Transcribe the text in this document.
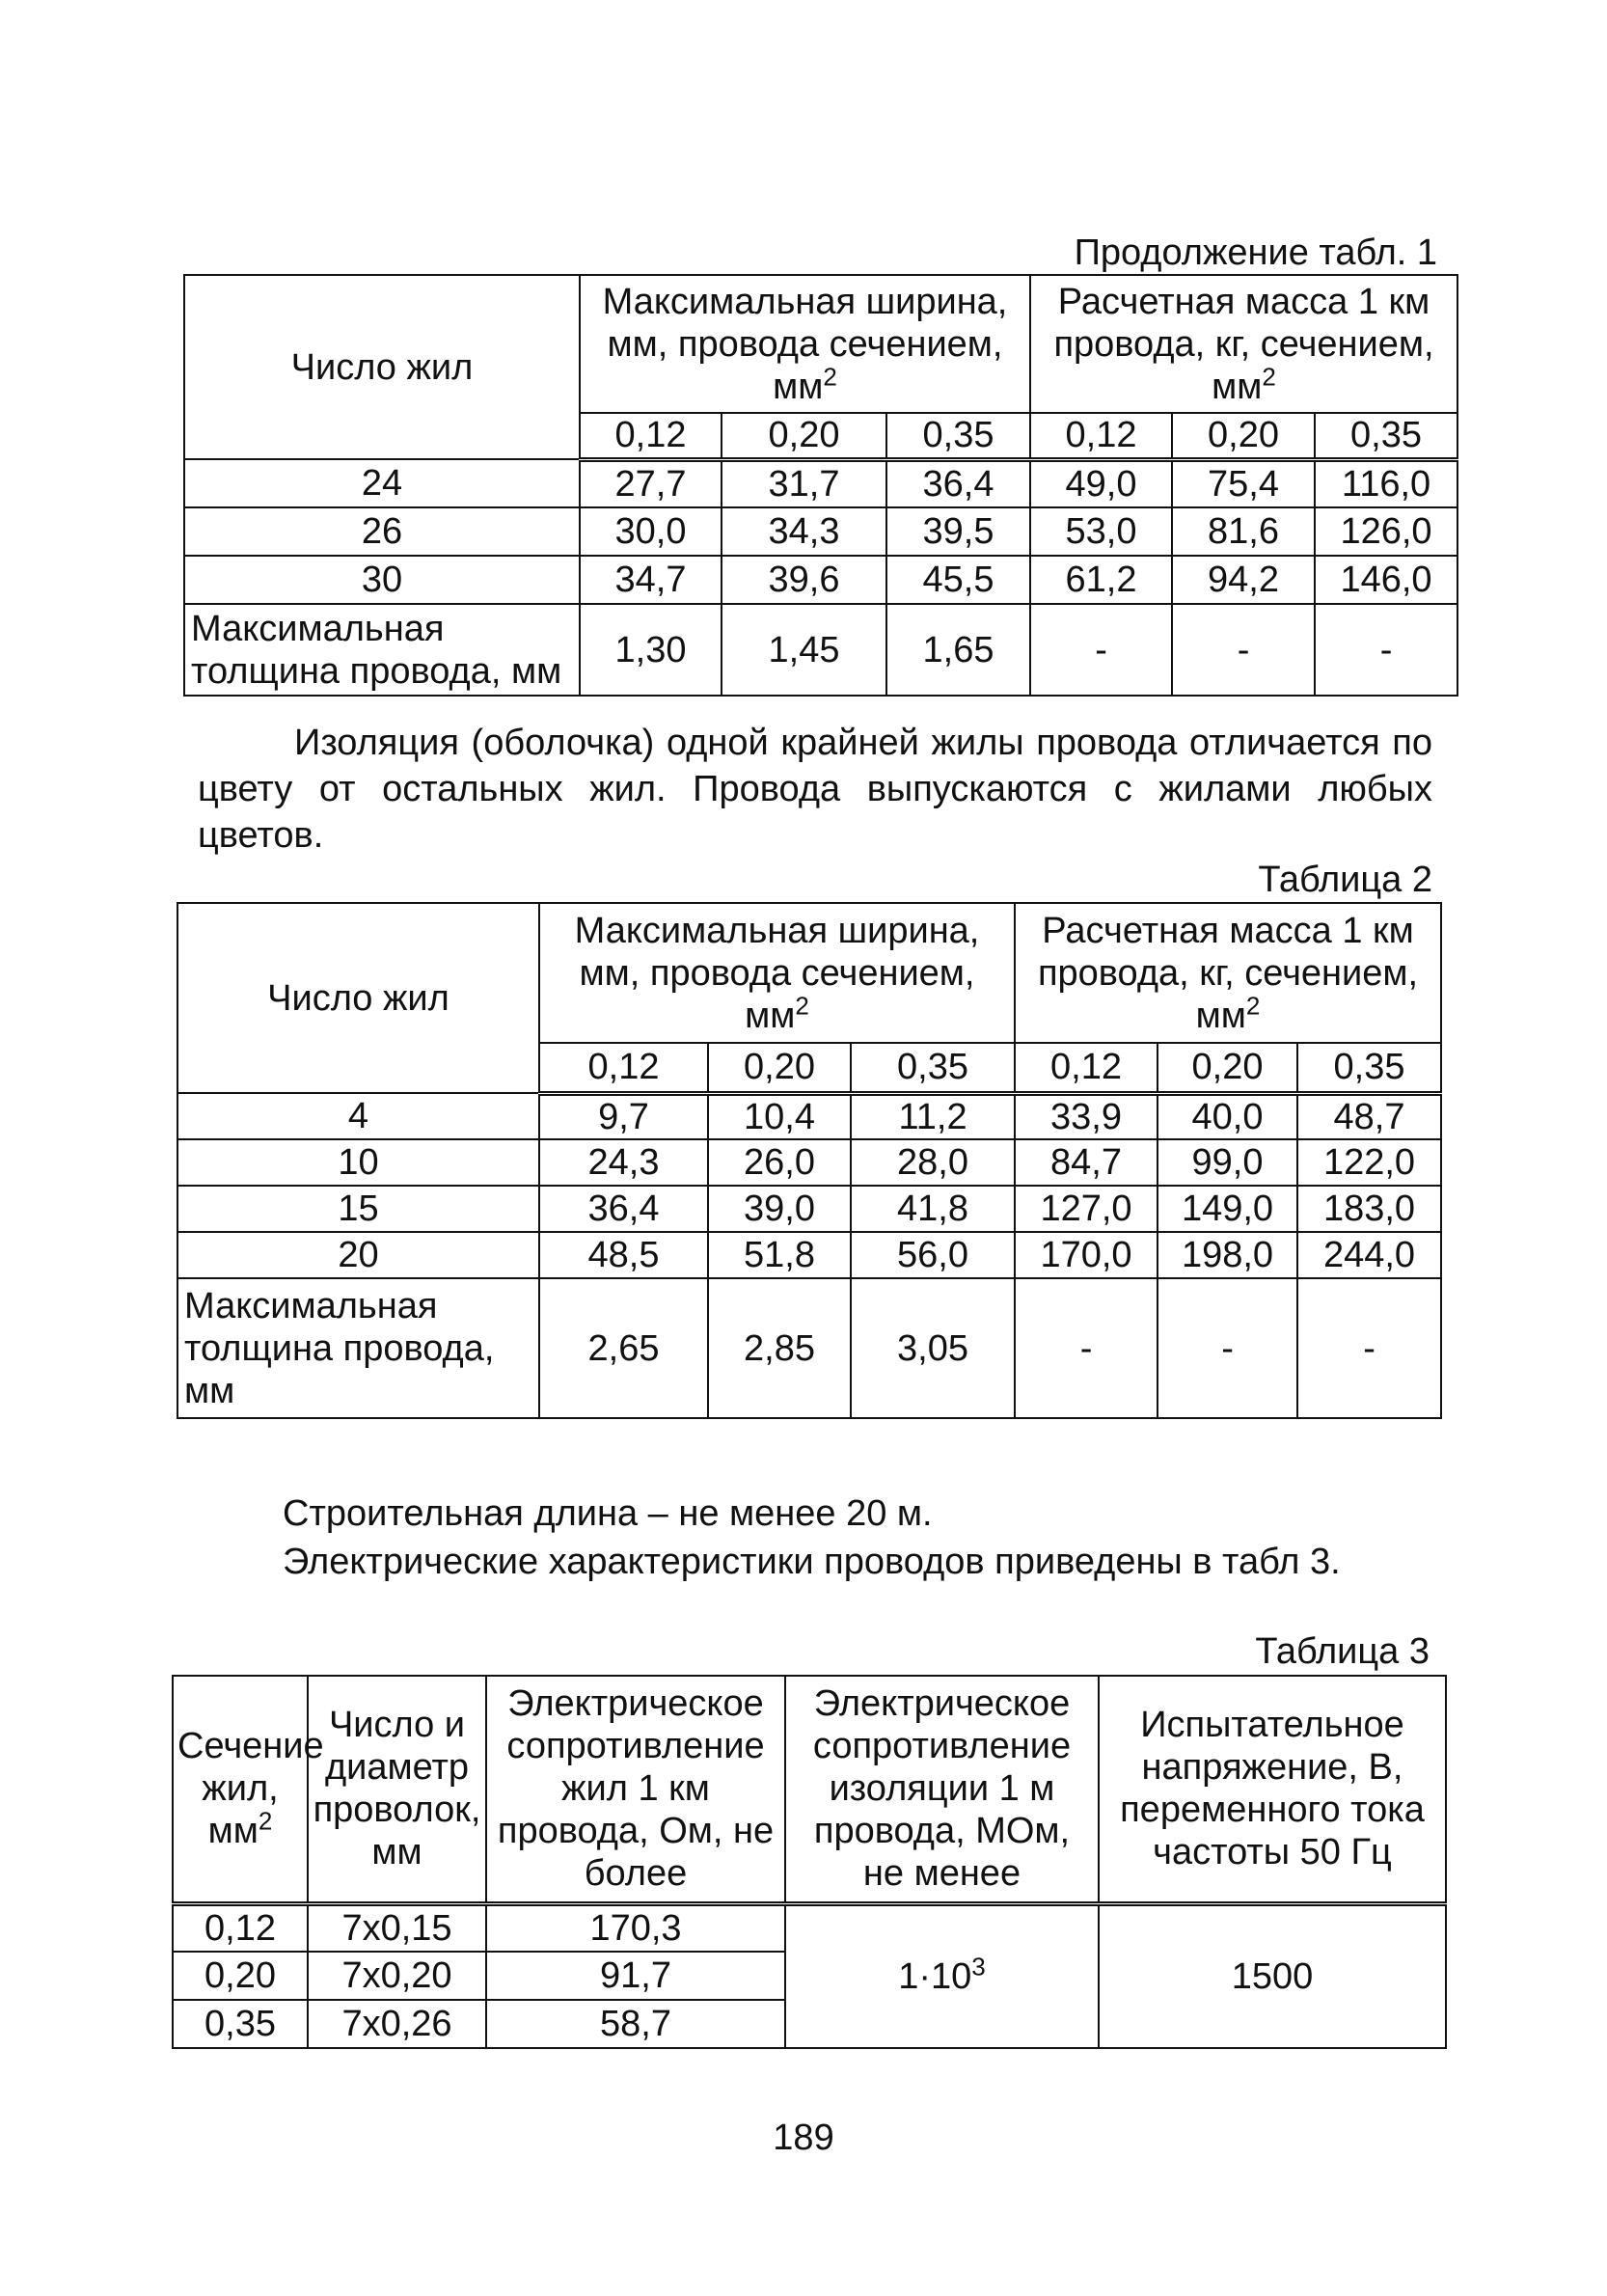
Продолжение табл. 1
Число жил	Максимальная ширина, мм, провода сечением, $мм^2$			Расчетная масса 1 км провода, кг, сечением, $мм^2$
	0,12	0,20	0,35	0,12	0,20	0,35
24	27,7	31,7	36,4	49,0	75,4	116,0
26	30,0	34,3	39,5	53,0	81,6	126,0
30	34,7	39,6	45,5	61,2	94,2	146,0
Максимальная толщина провода, мм	1,30	1,45	1,65	-	-	-
Изоляция (оболочка) одной крайней жилы провода отличается по цвету от остальных жил. Провода выпускаются с жилами любых цветов.
Таблица 2
Число жил	Максимальная ширина, мм, провода сечением, $мм^2$			Расчетная масса 1 км провода, кг, сечением, $мм^2$
	0,12	0,20	0,35	0,12	0,20	0,35
4	9,7	10,4	11,2	33,9	40,0	48,7
10	24,3	26,0	28,0	84,7	99,0	122,0
15	36,4	39,0	41,8	127,0	149,0	183,0
20	48,5	51,8	56,0	170,0	198,0	244,0
Максимальная толщина провода, мм	2,65	2,85	3,05	-	-	-
Строительная длина – не менее 20 м.
Электрические характеристики проводов приведены в табл 3.
Таблица 3
Сечение жил, $мм^2$	Число и диаметр проволок, мм	Электрическое сопротивление жил 1 км провода, Ом, не более	Электрическое сопротивление изоляции 1 м провода, МОм, не менее	Испытательное напряжение, В, переменного тока частоты 50 Гц
0,12	7х0,15	170,3	$1\cdot 10^3$	1500
0,20	7х0,20	91,7		
0,35	7х0,26	58,7		
189
